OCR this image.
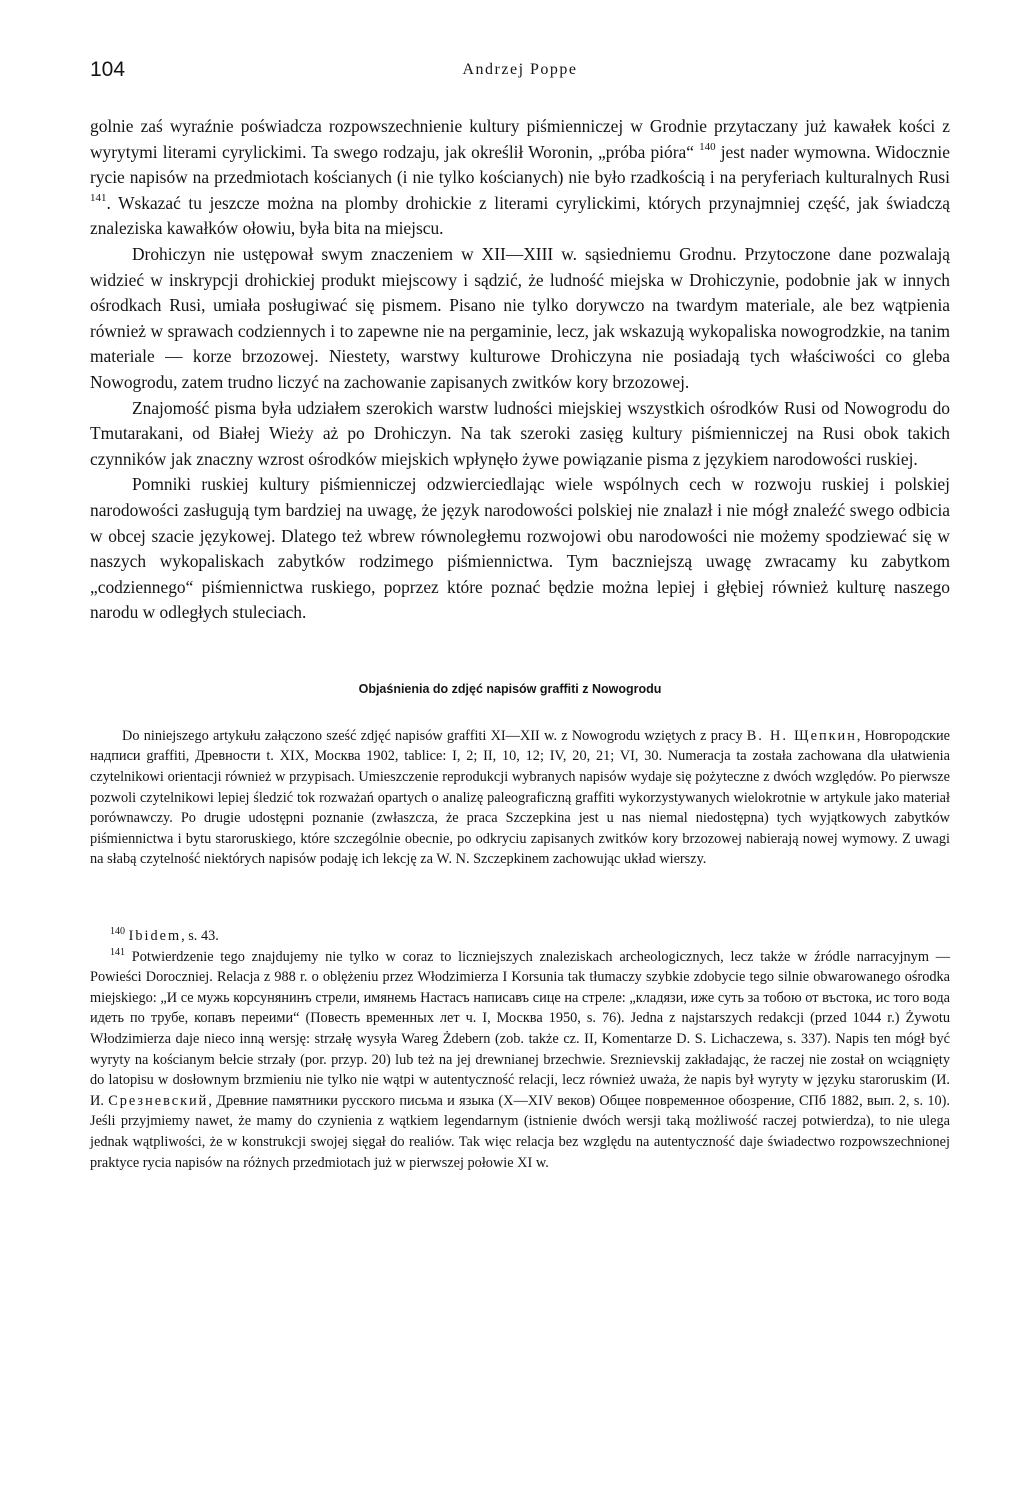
104	Andrzej Poppe

golnie zaś wyraźnie poświadcza rozpowszechnienie kultury piśmienniczej w Grodnie przytaczany już kawałek kości z wyrytymi literami cyrylickimi. Ta swego rodzaju, jak określił Woronin, „próba pióra“ $^{140}$ jest nader wymowna. Widocznie rycie napisów na przedmiotach kościanych (i nie tylko kościanych) nie było rzadkością i na peryferiach kulturalnych Rusi $^{141}$. Wskazać tu jeszcze można na plomby drohickie z literami cyrylickimi, których przynajmniej część, jak świadczą znaleziska kawałków ołowiu, była bita na miejscu.

Drohiczyn nie ustępował swym znaczeniem w XII—XIII w. sąsiedniemu Grodnu. Przytoczone dane pozwalają widzieć w inskrypcji drohickiej produkt miejscowy i sądzić, że ludność miejska w Drohiczynie, podobnie jak w innych ośrodkach Rusi, umiała posługiwać się pismem. Pisano nie tylko dorywczo na twardym materiale, ale bez wątpienia również w sprawach codziennych i to zapewne nie na pergaminie, lecz, jak wskazują wykopaliska nowogrodzkie, na tanim materiale — korze brzozowej. Niestety, warstwy kulturowe Drohiczyna nie posiadają tych właściwości co gleba Nowogrodu, zatem trudno liczyć na zachowanie zapisanych zwitków kory brzozowej.

Znajomość pisma była udziałem szerokich warstw ludności miejskiej wszystkich ośrodków Rusi od Nowogrodu do Tmutarakani, od Białej Wieży aż po Drohiczyn. Na tak szeroki zasięg kultury piśmienniczej na Rusi obok takich czynników jak znaczny wzrost ośrodków miejskich wpłynęło żywe powiązanie pisma z językiem narodowości ruskiej.

Pomniki ruskiej kultury piśmienniczej odzwierciedlając wiele wspólnych cech w rozwoju ruskiej i polskiej narodowości zasługują tym bardziej na uwagę, że język narodowości polskiej nie znalazł i nie mógł znaleźć swego odbicia w obcej szacie językowej. Dlatego też wbrew równoległemu rozwojowi obu narodowości nie możemy spodziewać się w naszych wykopaliskach zabytków rodzimego piśmiennictwa. Tym baczniejszą uwagę zwracamy ku zabytkom „codziennego“ piśmiennictwa ruskiego, poprzez które poznać będzie można lepiej i głębiej również kulturę naszego narodu w odległych stuleciach.

Objaśnienia do zdjęć napisów graffiti z Nowogrodu

Do niniejszego artykułu załączono sześć zdjęć napisów graffiti XI—XII w. z Nowogrodu wziętych z pracy В. Н. Щепкин, Новгородские надписи graffiti, Древности t. XIX, Москва 1902, tablice: I, 2; II, 10, 12; IV, 20, 21; VI, 30. Numeracja ta została zachowana dla ułatwienia czytelnikowi orientacji również w przypisach. Umieszczenie reprodukcji wybranych napisów wydaje się pożyteczne z dwóch względów. Po pierwsze pozwoli czytelnikowi lepiej śledzić tok rozważań opartych o analizę paleograficzną graffiti wykorzystywanych wielokrotnie w artykule jako materiał porównawczy. Po drugie udostępni poznanie (zwłaszcza, że praca Szczepkina jest u nas niemal niedostępna) tych wyjątkowych zabytków piśmiennictwa i bytu staroruskiego, które szczególnie obecnie, po odkryciu zapisanych zwitków kory brzozowej nabierają nowej wymowy. Z uwagi na słabą czytelność niektórych napisów podaję ich lekcję za W. N. Szczepkinem zachowując układ wierszy.

$^{140}$ Ibidem, s. 43.

$^{141}$ Potwierdzenie tego znajdujemy nie tylko w coraz to liczniejszych znaleziskach archeologicznych, lecz także w źródle narracyjnym — Powieści Doroczniej. Relacja z 988 r. o oblężeniu przez Włodzimierza I Korsunia tak tłumaczy szybkie zdobycie tego silnie obwarowanego ośrodka miejskiego: „И се мужь корсунянинъ стрели, имянемь Настасъ написавъ сице на стреле: „кладязи, иже суть за тобою от въстока, ис того вода идеть по трубе, копавъ переими“ (Повесть временных лет ч. I, Москва 1950, s. 76). Jedna z najstarszych redakcji (przed 1044 r.) Żywotu Włodzimierza daje nieco inną wersję: strzałę wysyła Wareg Żdebern (zob. także cz. II, Komentarze D. S. Lichaczewa, s. 337). Napis ten mógł być wyryty na kościanym bełcie strzały (por. przyp. 20) lub też na jej drewnianej brzechwie. Sreznievskij zakładając, że raczej nie został on wciągnięty do latopisu w dosłownym brzmieniu nie tylko nie wątpi w autentyczność relacji, lecz również uważa, że napis był wyryty w języku staroruskim (И. И. Срезневский, Древние памятники русского письма и языка (X—XIV веков) Общее повременное обозрение, СПб 1882, вып. 2, s. 10). Jeśli przyjmiemy nawet, że mamy do czynienia z wątkiem legendarnym (istnienie dwóch wersji taką możliwość raczej potwierdza), to nie ulega jednak wątpliwości, że w konstrukcji swojej sięgał do realiów. Tak więc relacja bez względu na autentyczność daje świadectwo rozpowszechnionej praktyce rycia napisów na różnych przedmiotach już w pierwszej połowie XI w.
